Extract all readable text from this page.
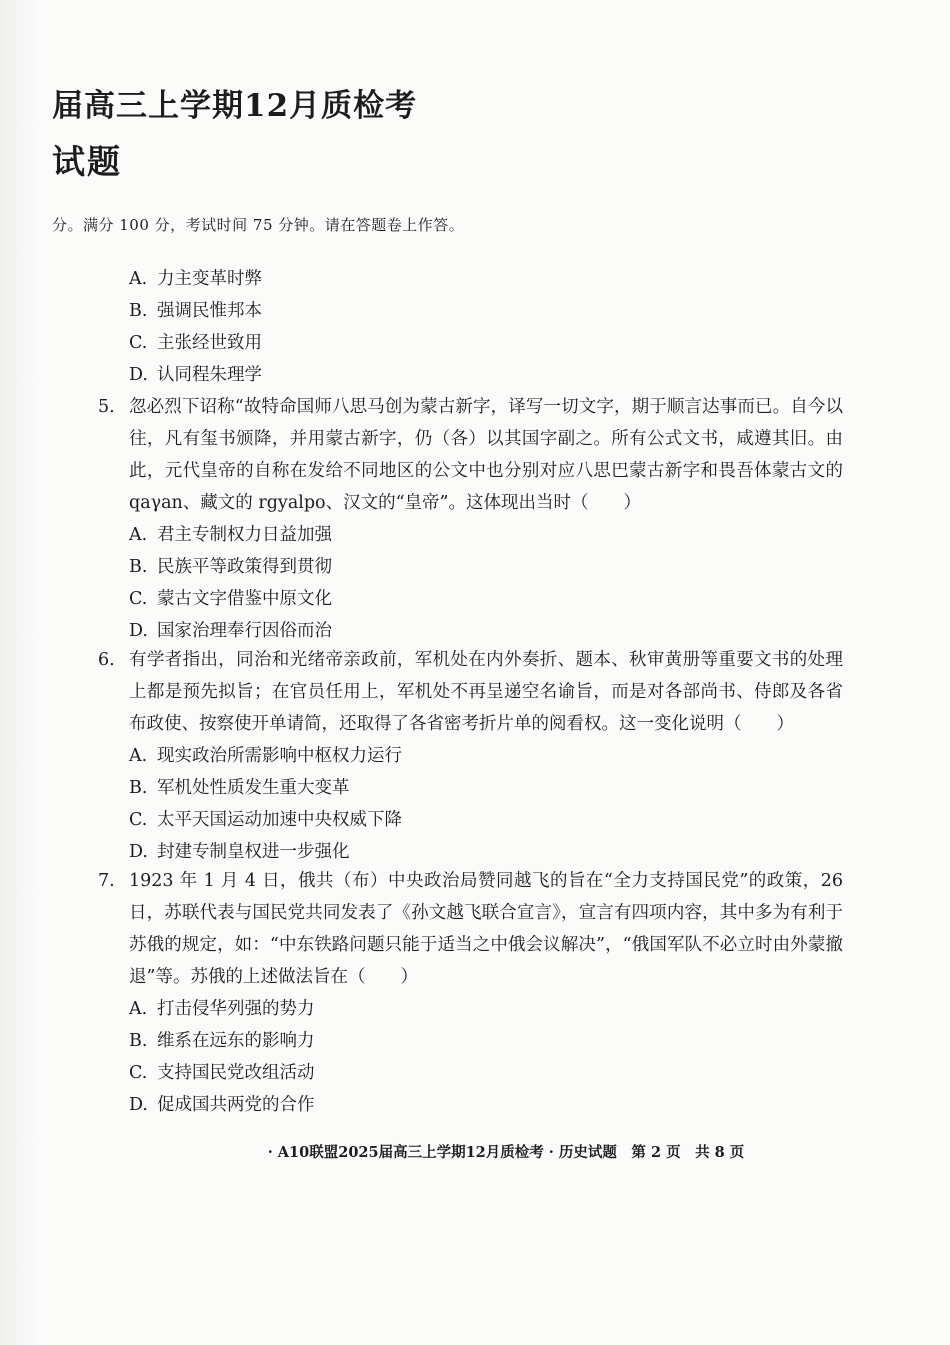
届高三上学期12月质检考
试题
分。满分 100 分，考试时间 75 分钟。请在答题卷上作答。
A. 力主变革时弊
B. 强调民惟邦本
C. 主张经世致用
D. 认同程朱理学
5. 忽必烈下诏称“故特命国师八思马创为蒙古新字，译写一切文字，期于顺言达事而已。自今以往，凡有玺书颁降，并用蒙古新字，仍（各）以其国字副之。所有公式文书，咸遵其旧。由此，元代皇帝的自称在发给不同地区的公文中也分别对应八思巴蒙古新字和畏吾体蒙古文的 qaγan、藏文的 rgyalpo、汉文的“皇帝”。这体现出当时（　　）
A. 君主专制权力日益加强
B. 民族平等政策得到贯彻
C. 蒙古文字借鉴中原文化
D. 国家治理奉行因俗而治
6. 有学者指出，同治和光绪帝亲政前，军机处在内外奏折、题本、秋审黄册等重要文书的处理上都是预先拟旨；在官员任用上，军机处不再呈递空名谕旨，而是对各部尚书、侍郎及各省布政使、按察使开单请简，还取得了各省密考折片单的阅看权。这一变化说明（　　）
A. 现实政治所需影响中枢权力运行
B. 军机处性质发生重大变革
C. 太平天国运动加速中央权威下降
D. 封建专制皇权进一步强化
7. 1923 年 1 月 4 日，俄共（布）中央政治局赞同越飞的旨在“全力支持国民党”的政策，26 日，苏联代表与国民党共同发表了《孙文越飞联合宣言》，宣言有四项内容，其中多为有利于苏俄的规定，如：“中东铁路问题只能于适当之中俄会议解决”，“俄国军队不必立时由外蒙撤退”等。苏俄的上述做法旨在（　　）
A. 打击侵华列强的势力
B. 维系在远东的影响力
C. 支持国民党改组活动
D. 促成国共两党的合作
· A10联盟2025届高三上学期12月质检考 · 历史试题　第 2 页　共 8 页
